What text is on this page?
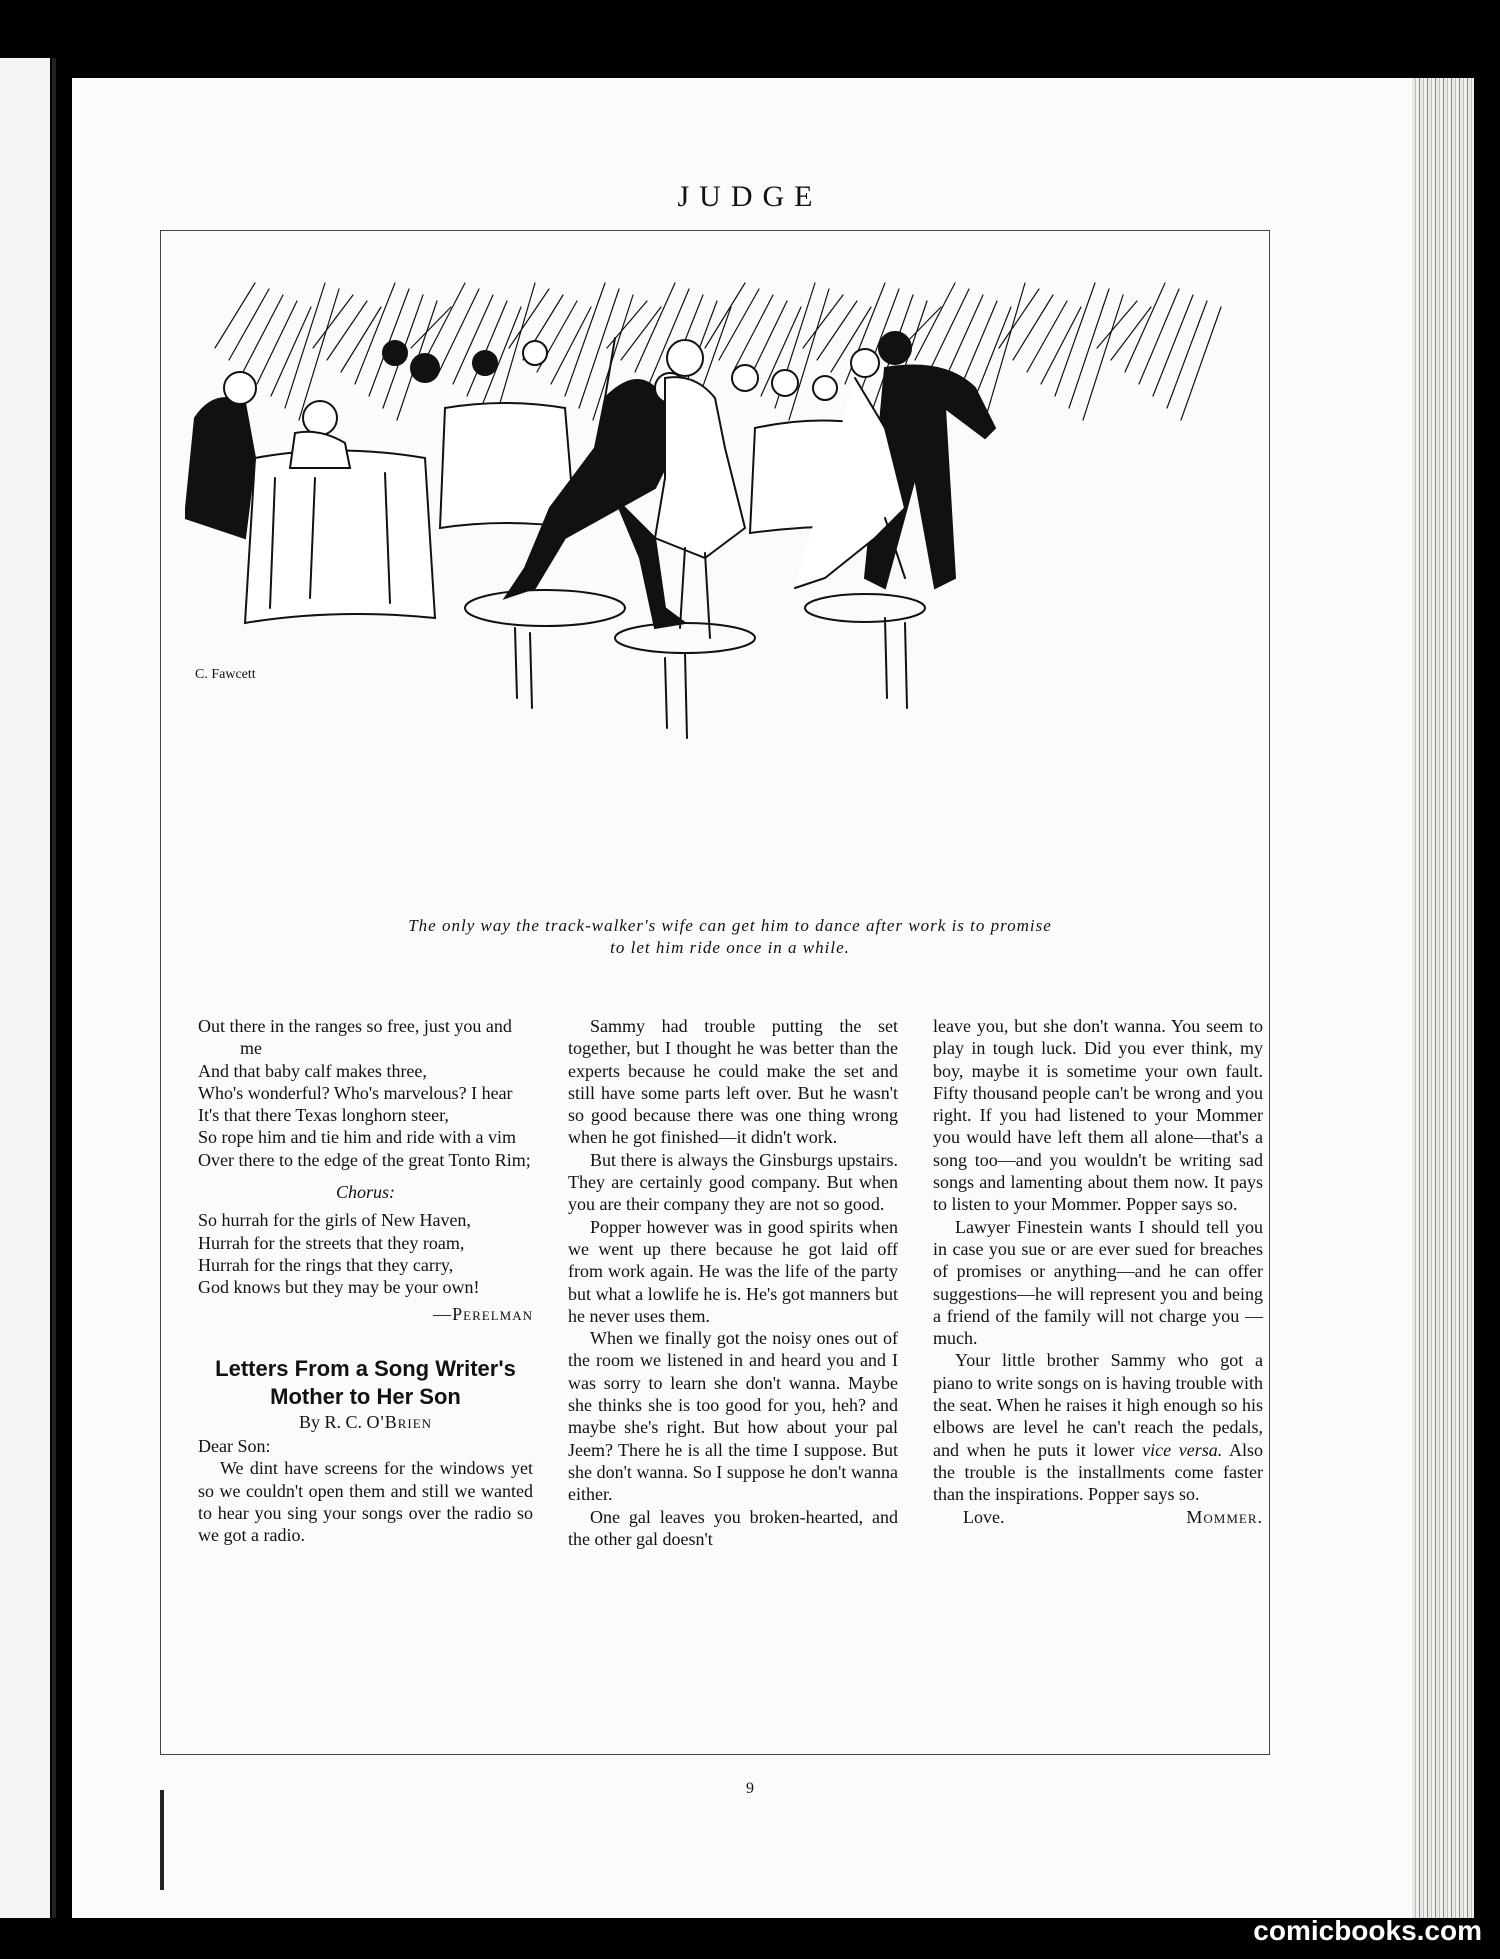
JUDGE
C. Fawcett
The only way the track-walker's wife can get him to dance after work is to promise
to let him ride once in a while.
Out there in the ranges so free, just you and me
And that baby calf makes three,
Who's wonderful? Who's marvelous? I hear
It's that there Texas longhorn steer,
So rope him and tie him and ride with a vim
Over there to the edge of the great Tonto Rim;
Chorus:
So hurrah for the girls of New Haven,
Hurrah for the streets that they roam,
Hurrah for the rings that they carry,
God knows but they may be your own!
—Perelman
Letters From a Song Writer's Mother to Her Son
By R. C. O'Brien

Dear Son:

We dint have screens for the windows yet so we couldn't open them and still we wanted to hear you sing your songs over the radio so we got a radio.

Sammy had trouble putting the set together, but I thought he was better than the experts because he could make the set and still have some parts left over. But he wasn't so good because there was one thing wrong when he got finished—it didn't work.

But there is always the Ginsburgs upstairs. They are certainly good company. But when you are their company they are not so good.

Popper however was in good spirits when we went up there because he got laid off from work again. He was the life of the party but what a lowlife he is. He's got manners but he never uses them.

When we finally got the noisy ones out of the room we listened in and heard you and I was sorry to learn she don't wanna. Maybe she thinks she is too good for you, heh? and maybe she's right. But how about your pal Jeem? There he is all the time I suppose. But she don't wanna. So I suppose he don't wanna either.

One gal leaves you broken-hearted, and the other gal doesn't

leave you, but she don't wanna. You seem to play in tough luck. Did you ever think, my boy, maybe it is sometime your own fault. Fifty thousand people can't be wrong and you right. If you had listened to your Mommer you would have left them all alone—that's a song too—and you wouldn't be writing sad songs and lamenting about them now. It pays to listen to your Mommer. Popper says so.

Lawyer Finestein wants I should tell you in case you sue or are ever sued for breaches of promises or anything—and he can offer suggestions—he will represent you and being a friend of the family will not charge you —much.

Your little brother Sammy who got a piano to write songs on is having trouble with the seat. When he raises it high enough so his elbows are level he can't reach the pedals, and when he puts it lower vice versa. Also the trouble is the installments come faster than the inspirations. Popper says so.

Love.	Mommer.
9
comicbooks.com
